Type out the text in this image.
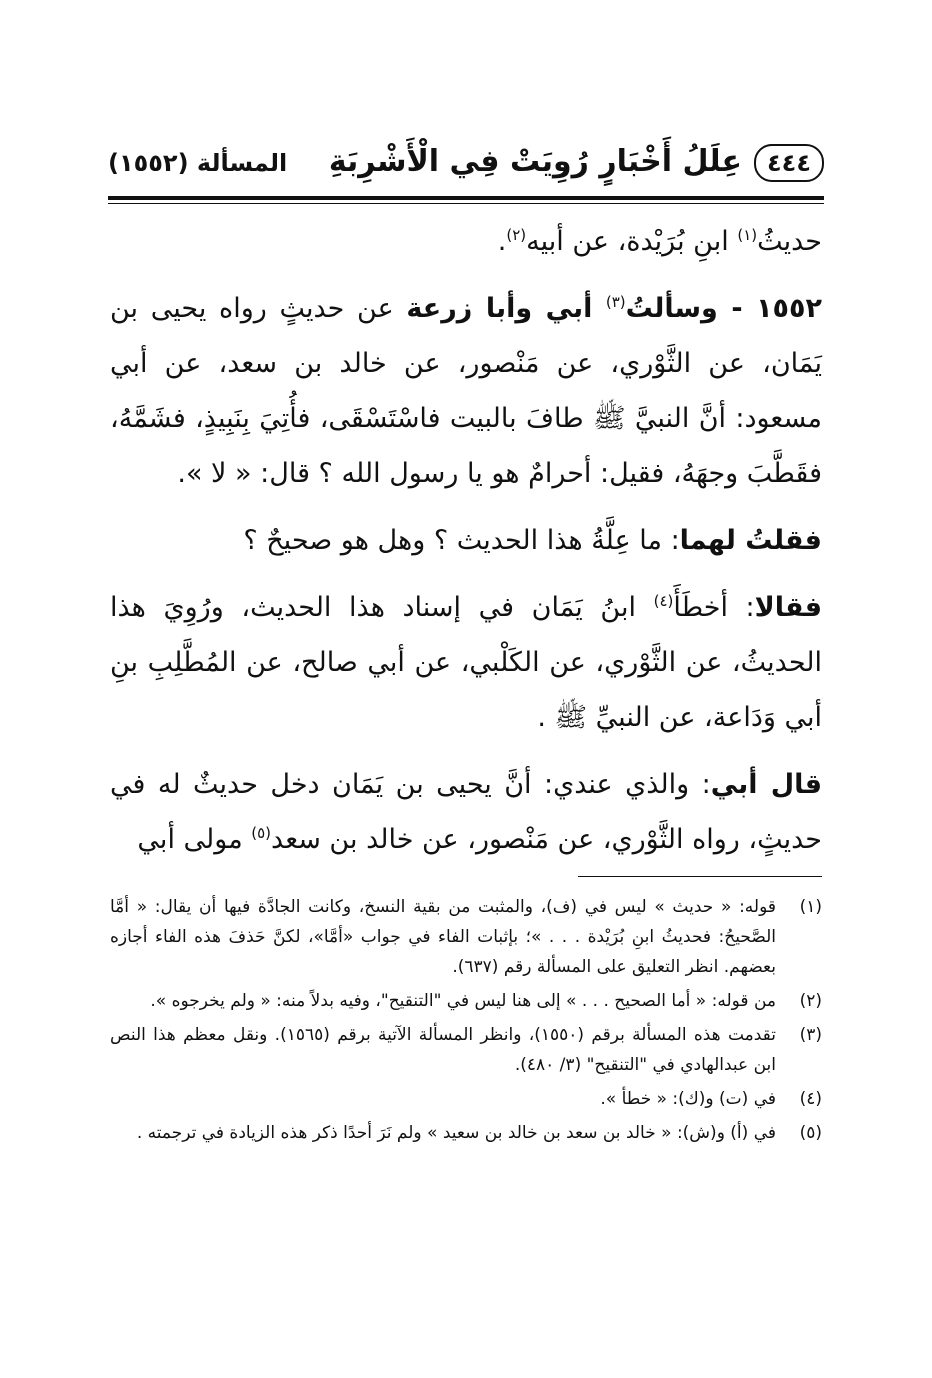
٤٤٤
عِلَلُ أَخْبَارٍ رُوِيَتْ فِي الْأَشْرِبَةِ
المسألة (١٥٥٢)

حديثُ$^{(١)}$ ابنِ بُرَيْدة، عن أبيه$^{(٢)}$.

١٥٥٢ - وسألتُ$^{(٣)}$ أبي وأبا زرعة عن حديثٍ رواه يحيى بن يَمَان، عن الثَّوْري، عن مَنْصور، عن خالد بن سعد، عن أبي مسعود: أنَّ النبيَّ ﷺ طافَ بالبيت فاسْتَسْقَى، فأُتِيَ بِنَبِيذٍ، فشَمَّهُ، فقَطَّبَ وجهَهُ، فقيل: أحرامٌ هو يا رسول الله ؟ قال: « لا ».

فقلتُ لهما: ما عِلَّةُ هذا الحديث ؟ وهل هو صحيحٌ ؟

فقالا: أخطَأَ$^{(٤)}$ ابنُ يَمَان في إسناد هذا الحديث، ورُوِيَ هذا الحديثُ، عن الثَّوْري، عن الكَلْبي، عن أبي صالح، عن المُطَّلِبِ بنِ أبي وَدَاعة، عن النبيِّ ﷺ .

قال أبي: والذي عندي: أنَّ يحيى بن يَمَان دخل حديثٌ له في حديثٍ، رواه الثَّوْري، عن مَنْصور، عن خالد بن سعد$^{(٥)}$ مولى أبي

(١)
قوله: « حديث » ليس في (ف)، والمثبت من بقية النسخ، وكانت الجادَّة فيها أن يقال: « أمَّا الصَّحيحُ: فحديثُ ابنِ بُرَيْدة . . . »؛ بإثبات الفاء في جواب «أمَّا»، لكنَّ حَذفَ هذه الفاء أجازه بعضهم. انظر التعليق على المسألة رقم (٦٣٧).
(٢)
من قوله: « أما الصحيح . . . » إلى هنا ليس في "التنقيح"، وفيه بدلاً منه: « ولم يخرجوه ».
(٣)
تقدمت هذه المسألة برقم (١٥٥٠)، وانظر المسألة الآتية برقم (١٥٦٥). ونقل معظم هذا النص ابن عبدالهادي في "التنقيح" (٣/ ٤٨٠).
(٤)
في (ت) و(ك): « خطأ ».
(٥)
في (أ) و(ش): « خالد بن سعد بن خالد بن سعيد » ولم نَرَ أحدًا ذكر هذه الزيادة في ترجمته .
